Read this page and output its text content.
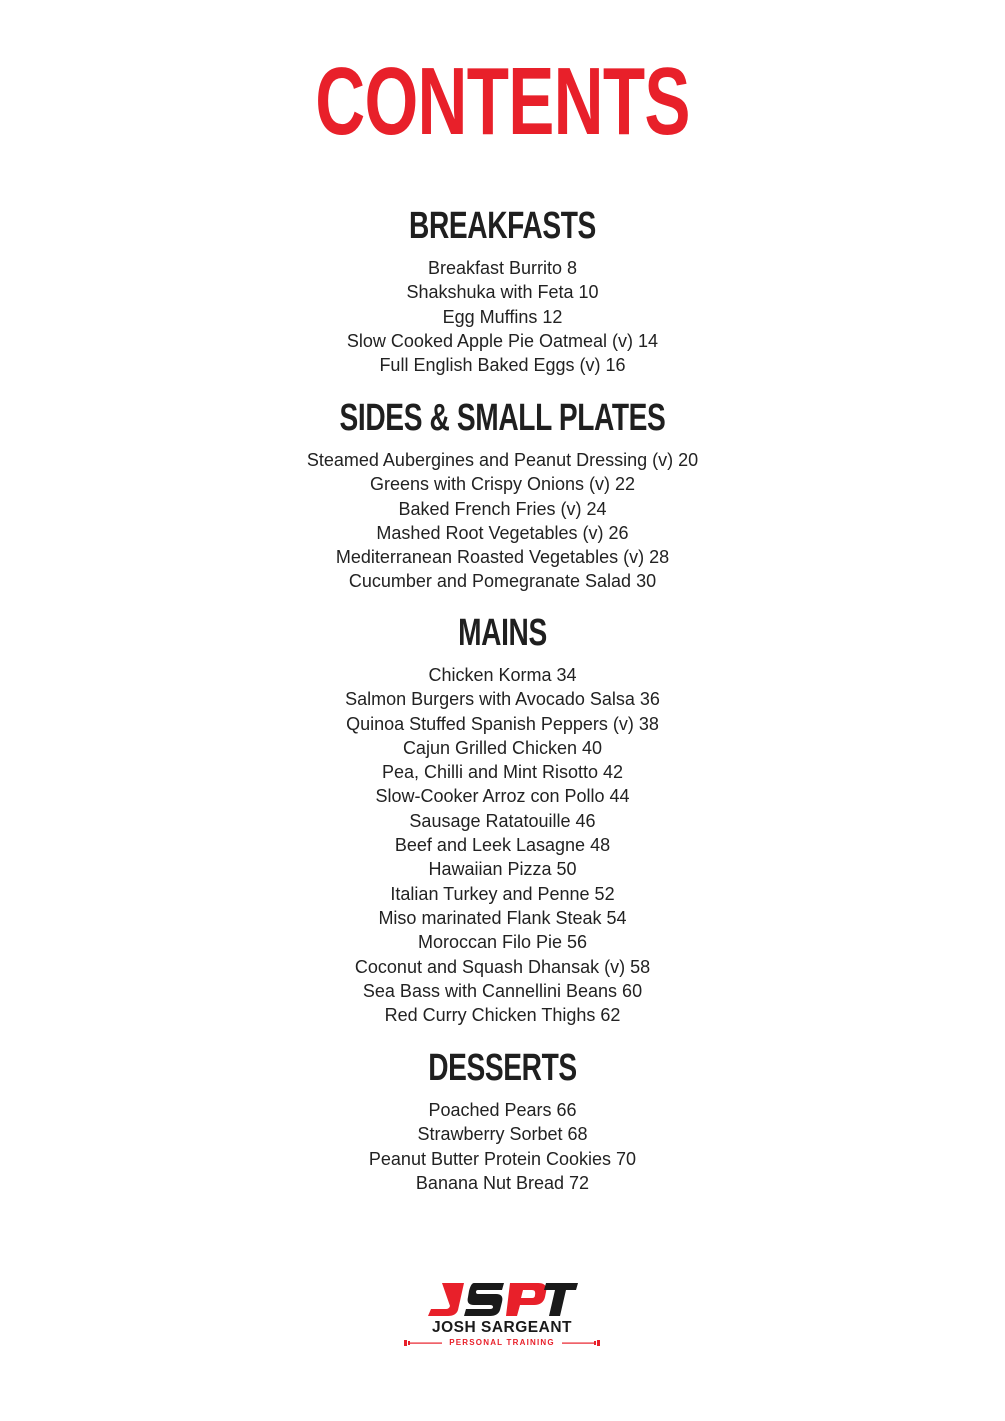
CONTENTS
BREAKFASTS
Breakfast Burrito 8
Shakshuka with Feta 10
Egg Muffins 12
Slow Cooked Apple Pie Oatmeal (v) 14
Full English Baked Eggs (v) 16
SIDES & SMALL PLATES
Steamed Aubergines and Peanut Dressing (v) 20
Greens with Crispy Onions (v) 22
Baked French Fries (v) 24
Mashed Root Vegetables (v) 26
Mediterranean Roasted Vegetables (v) 28
Cucumber and Pomegranate Salad 30
MAINS
Chicken Korma 34
Salmon Burgers with Avocado Salsa 36
Quinoa Stuffed Spanish Peppers (v) 38
Cajun Grilled Chicken 40
Pea, Chilli and Mint Risotto 42
Slow-Cooker Arroz con Pollo 44
Sausage Ratatouille 46
Beef and Leek Lasagne 48
Hawaiian Pizza 50
Italian Turkey and Penne 52
Miso marinated Flank Steak 54
Moroccan Filo Pie 56
Coconut and Squash Dhansak (v) 58
Sea Bass with Cannellini Beans 60
Red Curry Chicken Thighs 62
DESSERTS
Poached Pears 66
Strawberry Sorbet 68
Peanut Butter Protein Cookies 70
Banana Nut Bread 72
JOSH SARGEANT
PERSONAL TRAINING
